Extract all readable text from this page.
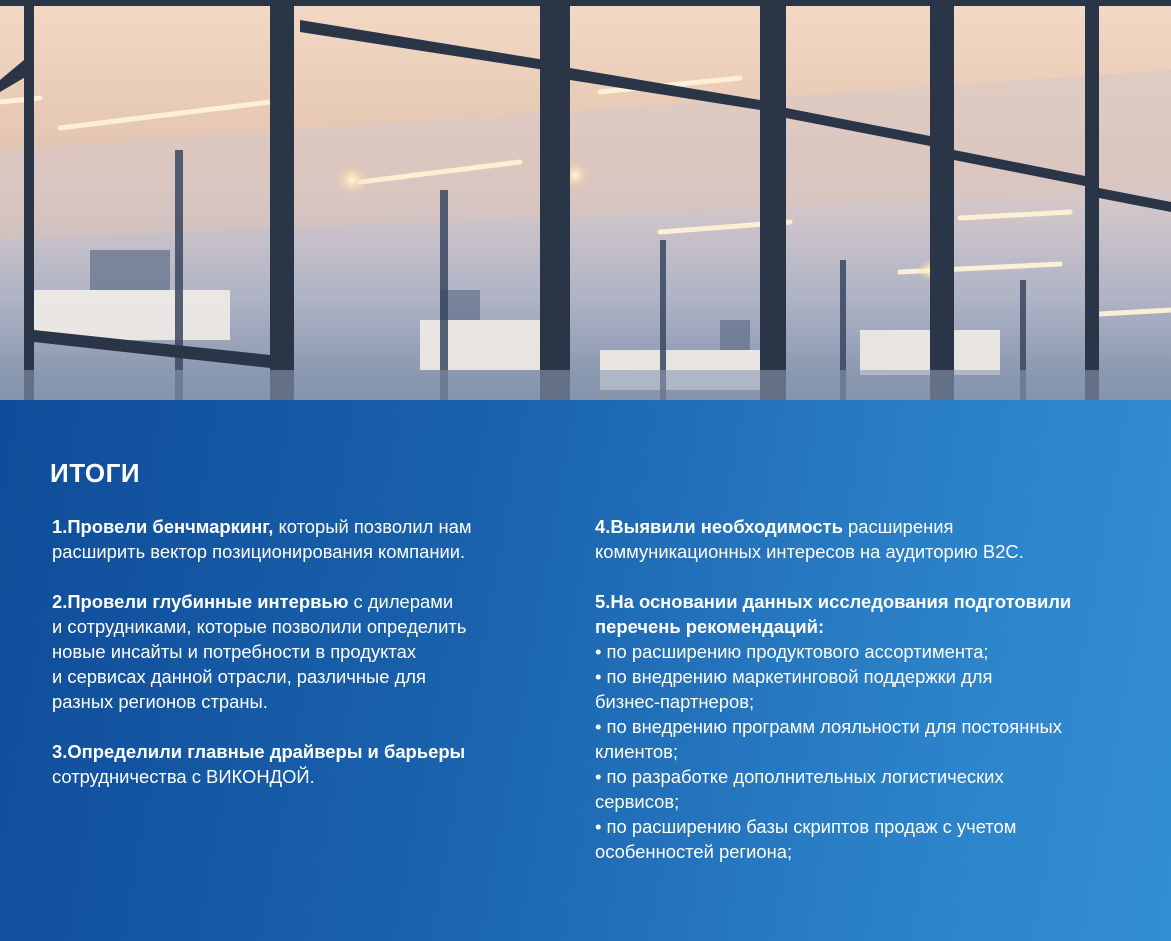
ИТОГИ

1.Провели бенчмаркинг, который позволил нам
расширить вектор позиционирования компании.

2.Провели глубинные интервью с дилерами
и сотрудниками, которые позволили определить
новые инсайты и потребности в продуктах
и сервисах данной отрасли, различные для
разных регионов страны.

3.Определили главные драйверы и барьеры
сотрудничества с ВИКОНДОЙ.

4.Выявили необходимость расширения
коммуникационных интересов на аудиторию B2C.

5.На основании данных исследования подготовили
перечень рекомендаций:
• по расширению продуктового ассортимента;
• по внедрению маркетинговой поддержки для
бизнес-партнеров;
• по внедрению программ лояльности для постоянных
клиентов;
• по разработке дополнительных логистических
сервисов;
• по расширению базы скриптов продаж с учетом
особенностей региона;
